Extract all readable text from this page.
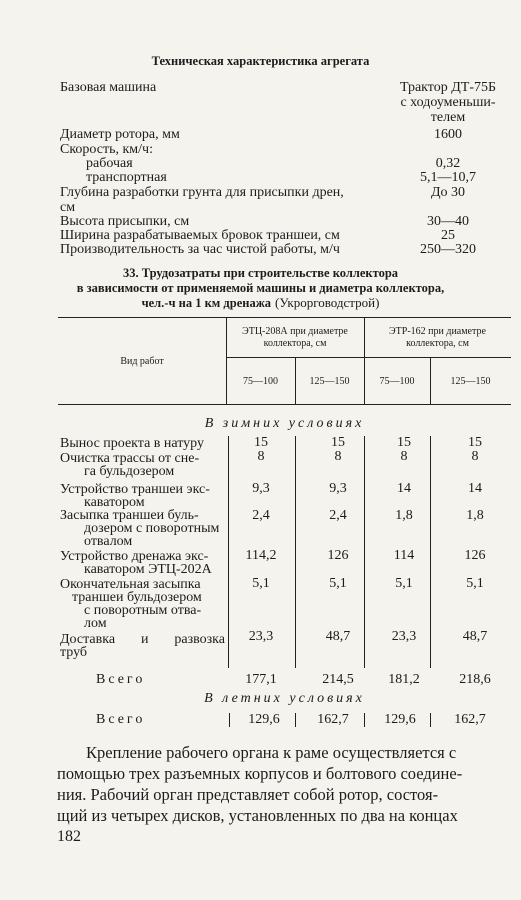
Техническая характеристика агрегата
Базовая машина	Трактор ДТ-75Б
с ходоуменьши-
телем
Диаметр ротора, мм	1600
Скорость, км/ч:
рабочая	0,32
транспортная	5,1—10,7
Глубина разработки грунта для присыпки дрен,	До 30
см
Высота присыпки, см	30—40
Ширина разрабатываемых бровок траншеи, см	25
Производительность за час чистой работы, м/ч	250—320
33. Трудозатраты при строительстве коллектора
в зависимости от применяемой машины и диаметра коллектора,
чел.-ч на 1 км дренажа (Укрорговодстрой)
Вид работ
ЭТЦ-208А при диаметре
коллектора, см
ЭТР-162 при диаметре
коллектора, см
75—100	125—150	75—100	125—150
В зимних условиях
Вынос проекта в натуру	15	15	15	15
Очистка трассы от сне-
га бульдозером
8	8	8	8
Устройство траншеи экс-
каватором
9,3	9,3	14	14
Засыпка траншеи буль-
дозером с поворотным
отвалом
2,4	2,4	1,8	1,8
Устройство дренажа экс-
каватором ЭТЦ-202А
114,2	126	114	126
Окончательная засыпка
траншеи бульдозером
с поворотным отва-
лом
5,1	5,1	5,1	5,1
Доставка и развозка
труб
23,3	48,7	23,3	48,7
Всего	177,1	214,5	181,2	218,6
В летних условиях
Всего	129,6	162,7	129,6	162,7
Крепление рабочего органа к раме осуществляется с
помощью трех разъемных корпусов и болтового соедине-
ния. Рабочий орган представляет собой ротор, состоя-
щий из четырех дисков, установленных по два на концах
182
